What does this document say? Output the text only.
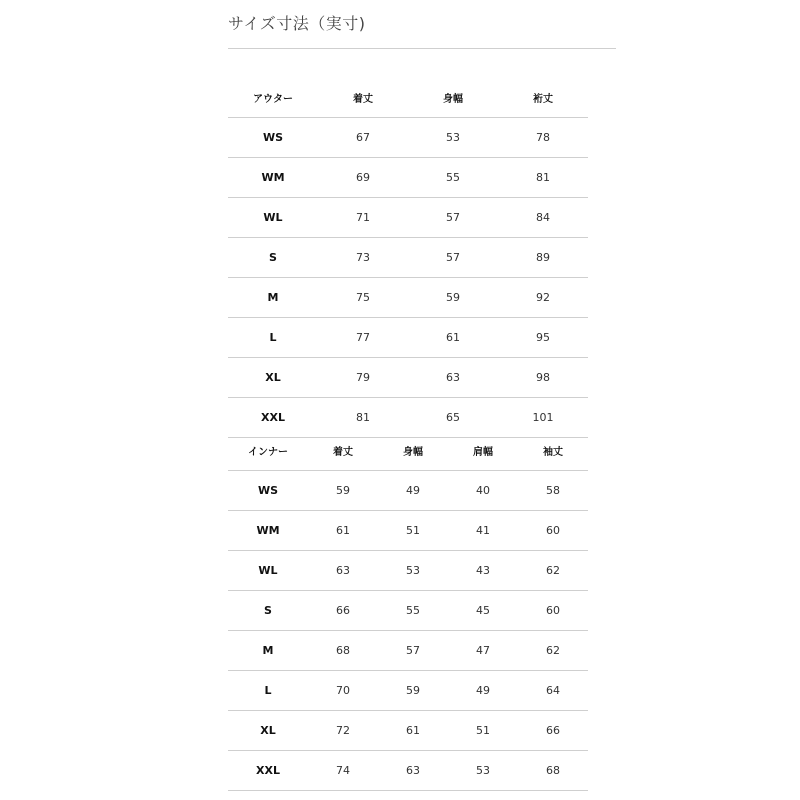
サイズ寸法（実寸)
アウター	着丈	身幅	裄丈
WS	67	53	78
WM	69	55	81
WL	71	57	84
S	73	57	89
M	75	59	92
L	77	61	95
XL	79	63	98
XXL	81	65	101
インナー	着丈	身幅	肩幅	袖丈
WS	59	49	40	58
WM	61	51	41	60
WL	63	53	43	62
S	66	55	45	60
M	68	57	47	62
L	70	59	49	64
XL	72	61	51	66
XXL	74	63	53	68
